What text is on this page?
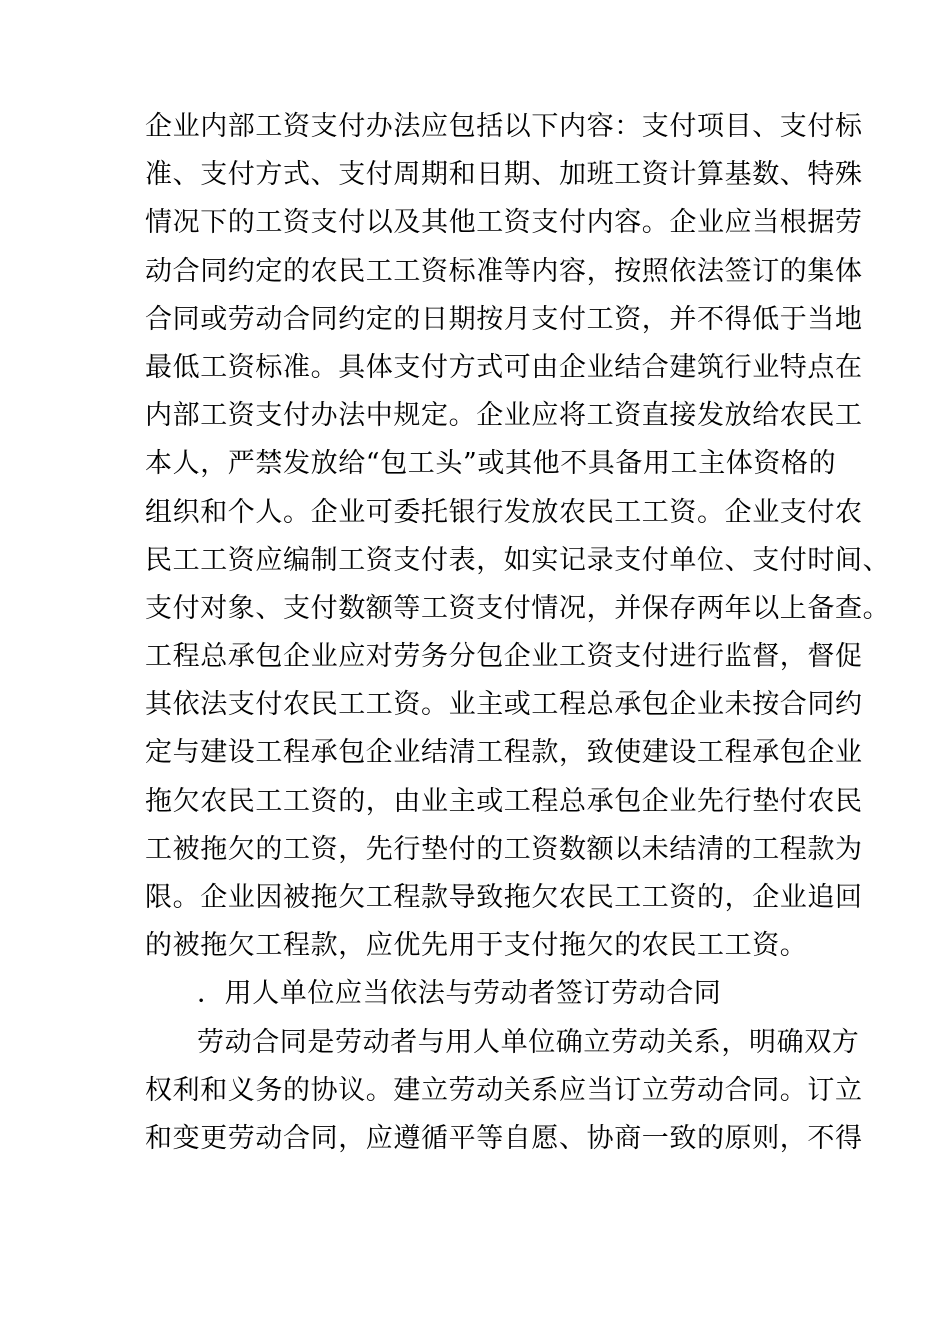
企业内部工资支付办法应包括以下内容：支付项目、支付标
准、支付方式、支付周期和日期、加班工资计算基数、特殊
情况下的工资支付以及其他工资支付内容。企业应当根据劳
动合同约定的农民工工资标准等内容，按照依法签订的集体
合同或劳动合同约定的日期按月支付工资，并不得低于当地
最低工资标准。具体支付方式可由企业结合建筑行业特点在
内部工资支付办法中规定。企业应将工资直接发放给农民工
本人，严禁发放给“包工头”或其他不具备用工主体资格的
组织和个人。企业可委托银行发放农民工工资。企业支付农
民工工资应编制工资支付表，如实记录支付单位、支付时间、
支付对象、支付数额等工资支付情况，并保存两年以上备查。
工程总承包企业应对劳务分包企业工资支付进行监督，督促
其依法支付农民工工资。业主或工程总承包企业未按合同约
定与建设工程承包企业结清工程款，致使建设工程承包企业
拖欠农民工工资的，由业主或工程总承包企业先行垫付农民
工被拖欠的工资，先行垫付的工资数额以未结清的工程款为
限。企业因被拖欠工程款导致拖欠农民工工资的，企业追回
的被拖欠工程款，应优先用于支付拖欠的农民工工资。
．用人单位应当依法与劳动者签订劳动合同
劳动合同是劳动者与用人单位确立劳动关系，明确双方
权利和义务的协议。建立劳动关系应当订立劳动合同。订立
和变更劳动合同，应遵循平等自愿、协商一致的原则，不得
